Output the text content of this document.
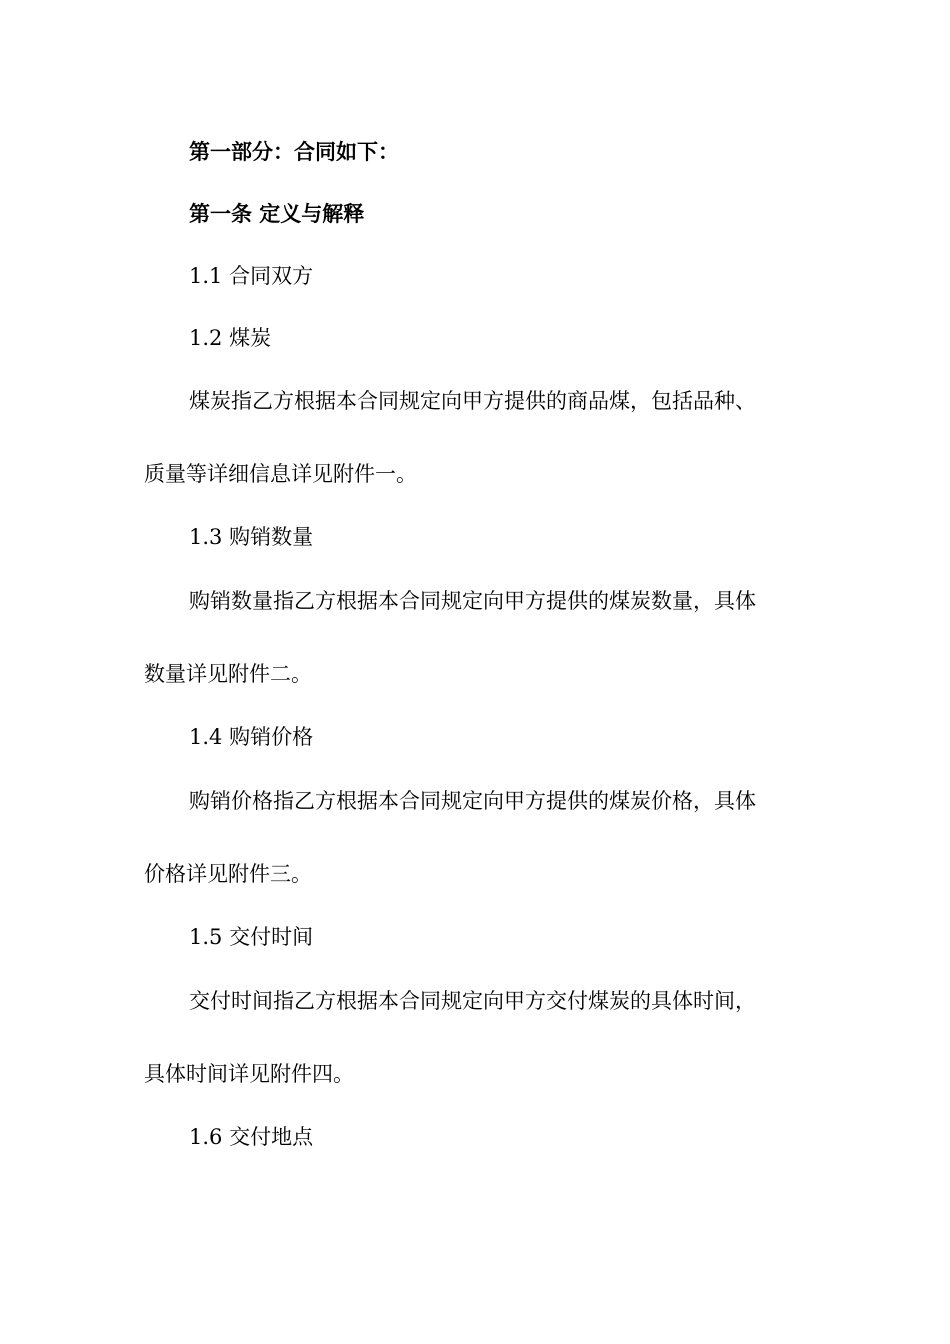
第一部分：合同如下：
第一条 定义与解释
1.1 合同双方
1.2 煤炭
煤炭指乙方根据本合同规定向甲方提供的商品煤，包括品种、
质量等详细信息详见附件一。
1.3 购销数量
购销数量指乙方根据本合同规定向甲方提供的煤炭数量，具体
数量详见附件二。
1.4 购销价格
购销价格指乙方根据本合同规定向甲方提供的煤炭价格，具体
价格详见附件三。
1.5 交付时间
交付时间指乙方根据本合同规定向甲方交付煤炭的具体时间，
具体时间详见附件四。
1.6 交付地点
